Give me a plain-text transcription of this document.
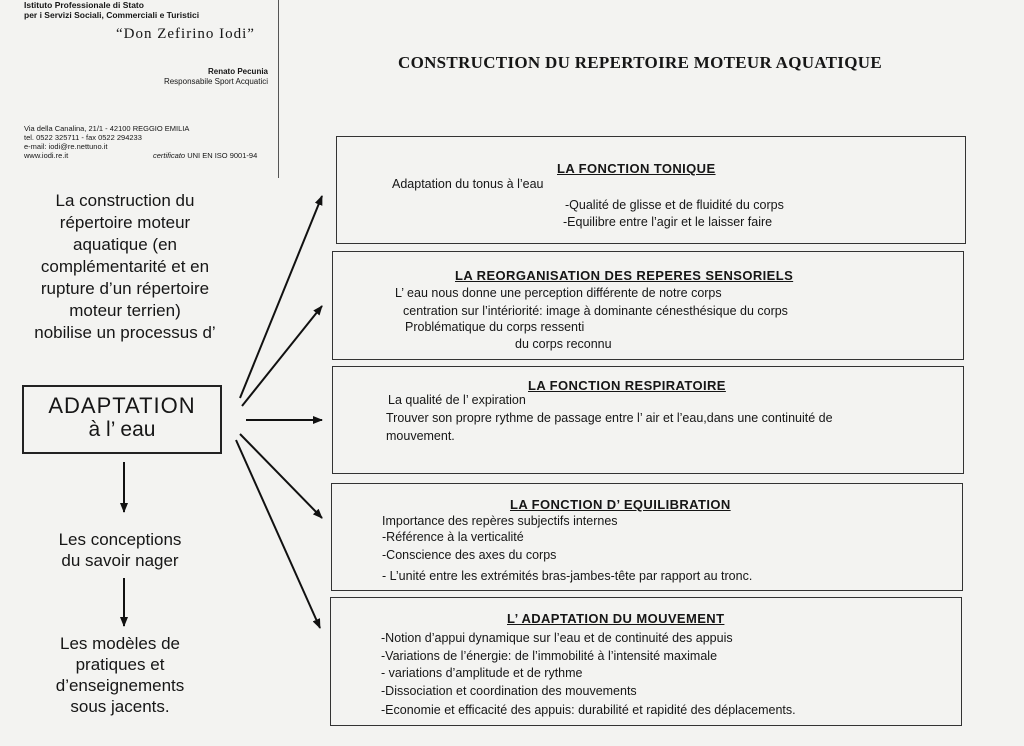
Istituto Professionale di Stato
per i Servizi Sociali, Commerciali e Turistici
“Don Zefirino Iodi”
Renato Pecunia
Responsabile Sport Acquatici
Via della Canalina, 21/1 - 42100 REGGIO EMILIA
tel. 0522 325711 - fax 0522 294233
e-mail: iodi@re.nettuno.it
www.iodi.re.it	certificato UNI EN ISO 9001-94
CONSTRUCTION DU REPERTOIRE MOTEUR AQUATIQUE
La construction du
répertoire moteur
aquatique (en
complémentarité et en
rupture d’un répertoire
moteur terrien)
nobilise un processus d’
ADAPTATION
à l’ eau
Les conceptions
du savoir nager
Les modèles de
pratiques et
d’enseignements
sous jacents.
LA FONCTION TONIQUE
Adaptation du tonus à l’eau
-Qualité de glisse et de fluidité du corps
-Equilibre entre l’agir et le laisser faire
LA REORGANISATION DES REPERES SENSORIELS
L’ eau nous donne une perception différente de notre corps
centration sur l’intériorité: image à dominante cénesthésique du corps
Problématique du corps ressenti
du corps reconnu
LA FONCTION RESPIRATOIRE
La qualité de l’ expiration
Trouver son propre rythme de passage entre l’ air et l’eau,dans une continuité de
mouvement.
LA FONCTION D’ EQUILIBRATION
Importance des repères subjectifs internes
-Référence à la verticalité
-Conscience des axes du corps
- L’unité entre les extrémités bras-jambes-tête par rapport au tronc.
L’ ADAPTATION DU MOUVEMENT
-Notion d’appui dynamique sur l’eau et de continuité des appuis
-Variations de l’énergie: de l’immobilité à l’intensité maximale
- variations d’amplitude et de rythme
-Dissociation et coordination des mouvements
-Economie et efficacité des appuis: durabilité et rapidité des déplacements.
